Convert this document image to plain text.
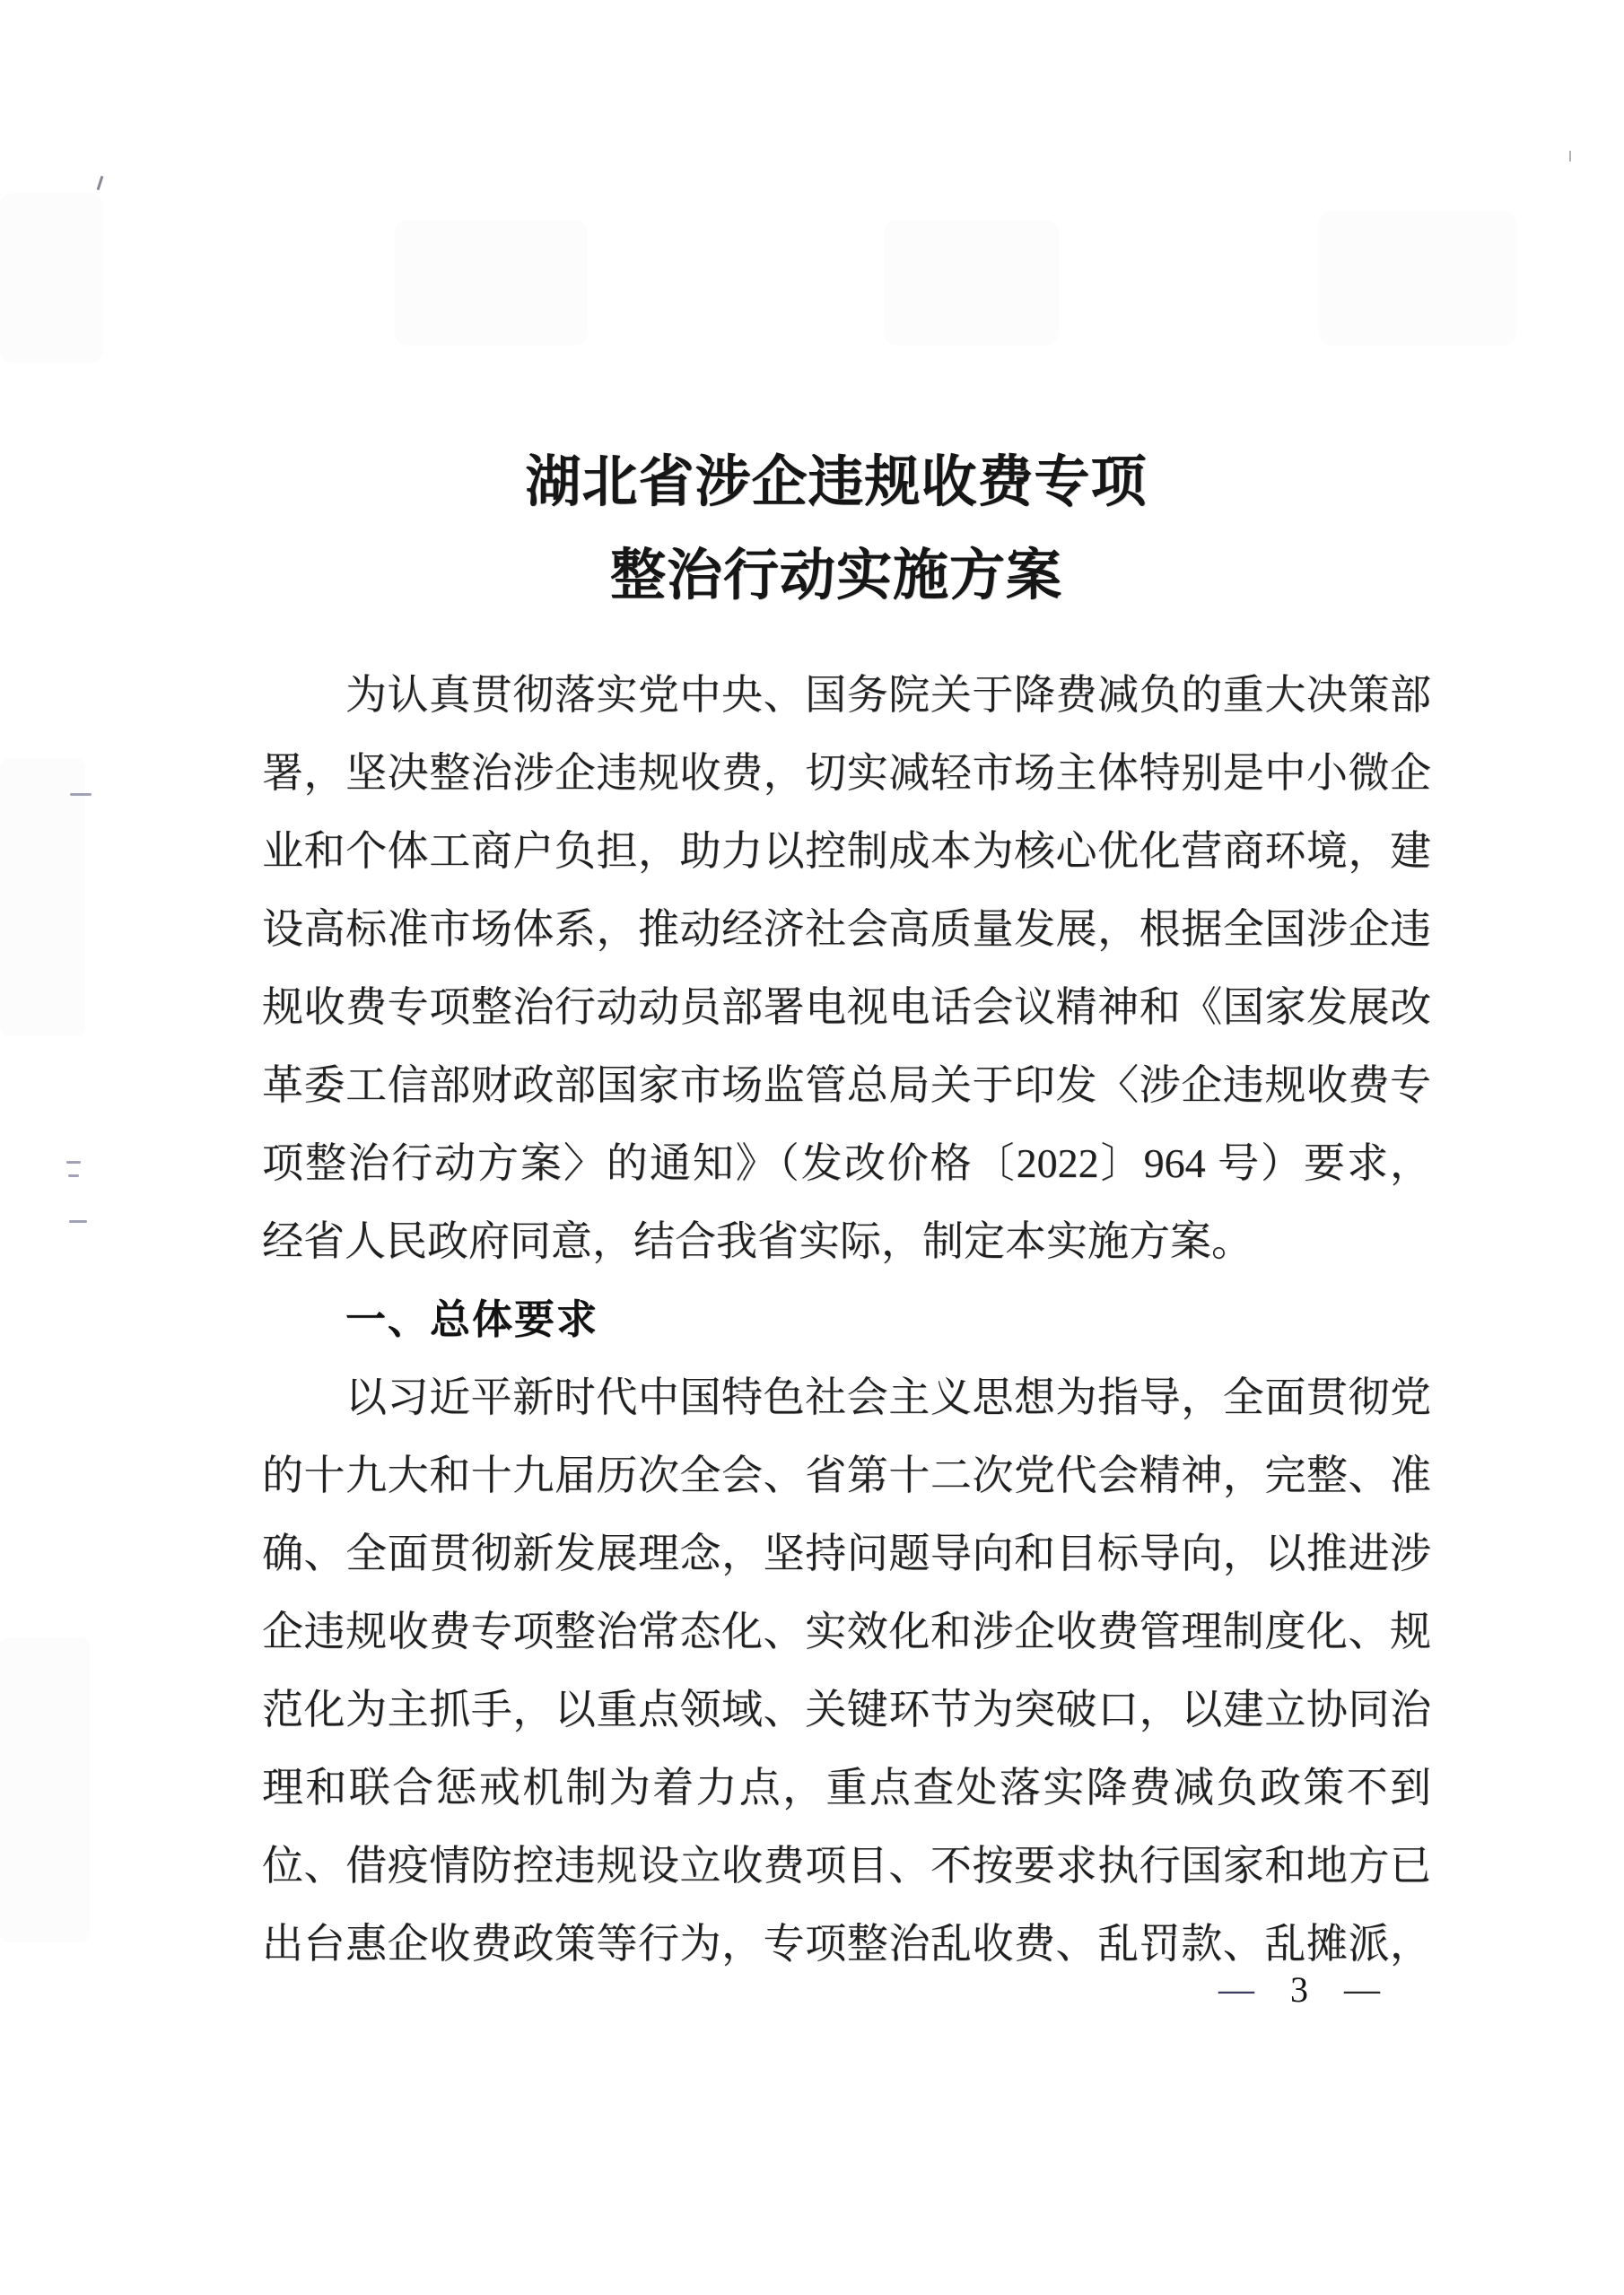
湖北省涉企违规收费专项
整治行动实施方案

为认真贯彻落实党中央、国务院关于降费减负的重大决策部

署，坚决整治涉企违规收费，切实减轻市场主体特别是中小微企

业和个体工商户负担，助力以控制成本为核心优化营商环境，建

设高标准市场体系，推动经济社会高质量发展，根据全国涉企违

规收费专项整治行动动员部署电视电话会议精神和《国家发展改

革委工信部财政部国家市场监管总局关于印发〈涉企违规收费专

项整治行动方案〉的通知》（发改价格〔2022〕964 号）要求，

经省人民政府同意，结合我省实际，制定本实施方案。

一、总体要求

以习近平新时代中国特色社会主义思想为指导，全面贯彻党

的十九大和十九届历次全会、省第十二次党代会精神，完整、准

确、全面贯彻新发展理念，坚持问题导向和目标导向，以推进涉

企违规收费专项整治常态化、实效化和涉企收费管理制度化、规

范化为主抓手，以重点领域、关键环节为突破口，以建立协同治

理和联合惩戒机制为着力点，重点查处落实降费减负政策不到

位、借疫情防控违规设立收费项目、不按要求执行国家和地方已

出台惠企收费政策等行为，专项整治乱收费、乱罚款、乱摊派，

— 3 —
